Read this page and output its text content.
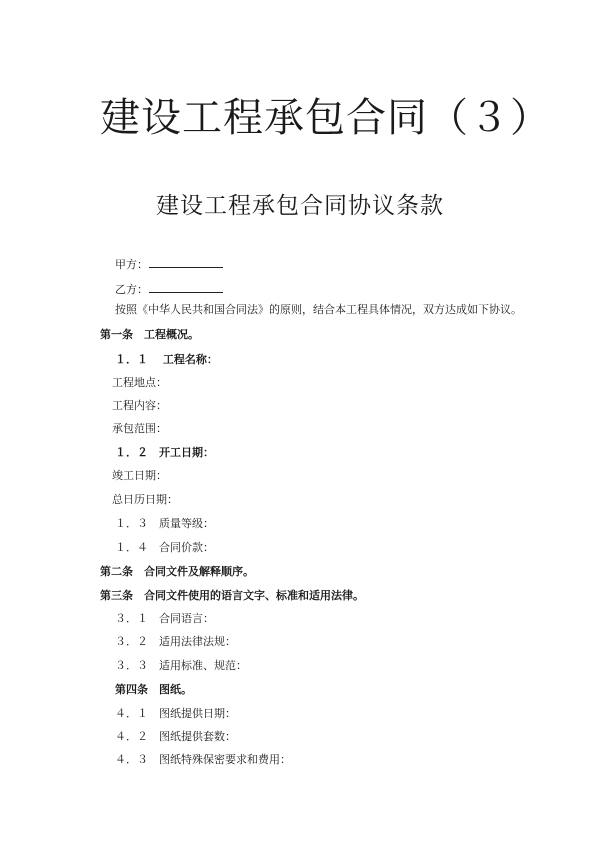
建设工程承包合同（３）
建设工程承包合同协议条款
甲方：
乙方：
按照《中华人民共和国合同法》的原则，结合本工程具体情况，双方达成如下协议。
第一条　工程概况。
１．１　 工程名称：
工程地点：
工程内容：
承包范围：
１．２　开工日期：
竣工日期：
总日历日期：
１．３　质量等级：
１．４　合同价款：
第二条　合同文件及解释顺序。
第三条　合同文件使用的语言文字、标准和适用法律。
３．１　合同语言：
３．２　适用法律法规：
３．３　适用标准、规范：
第四条　图纸。
４．１　图纸提供日期：
４．２　图纸提供套数：
４．３　图纸特殊保密要求和费用：
